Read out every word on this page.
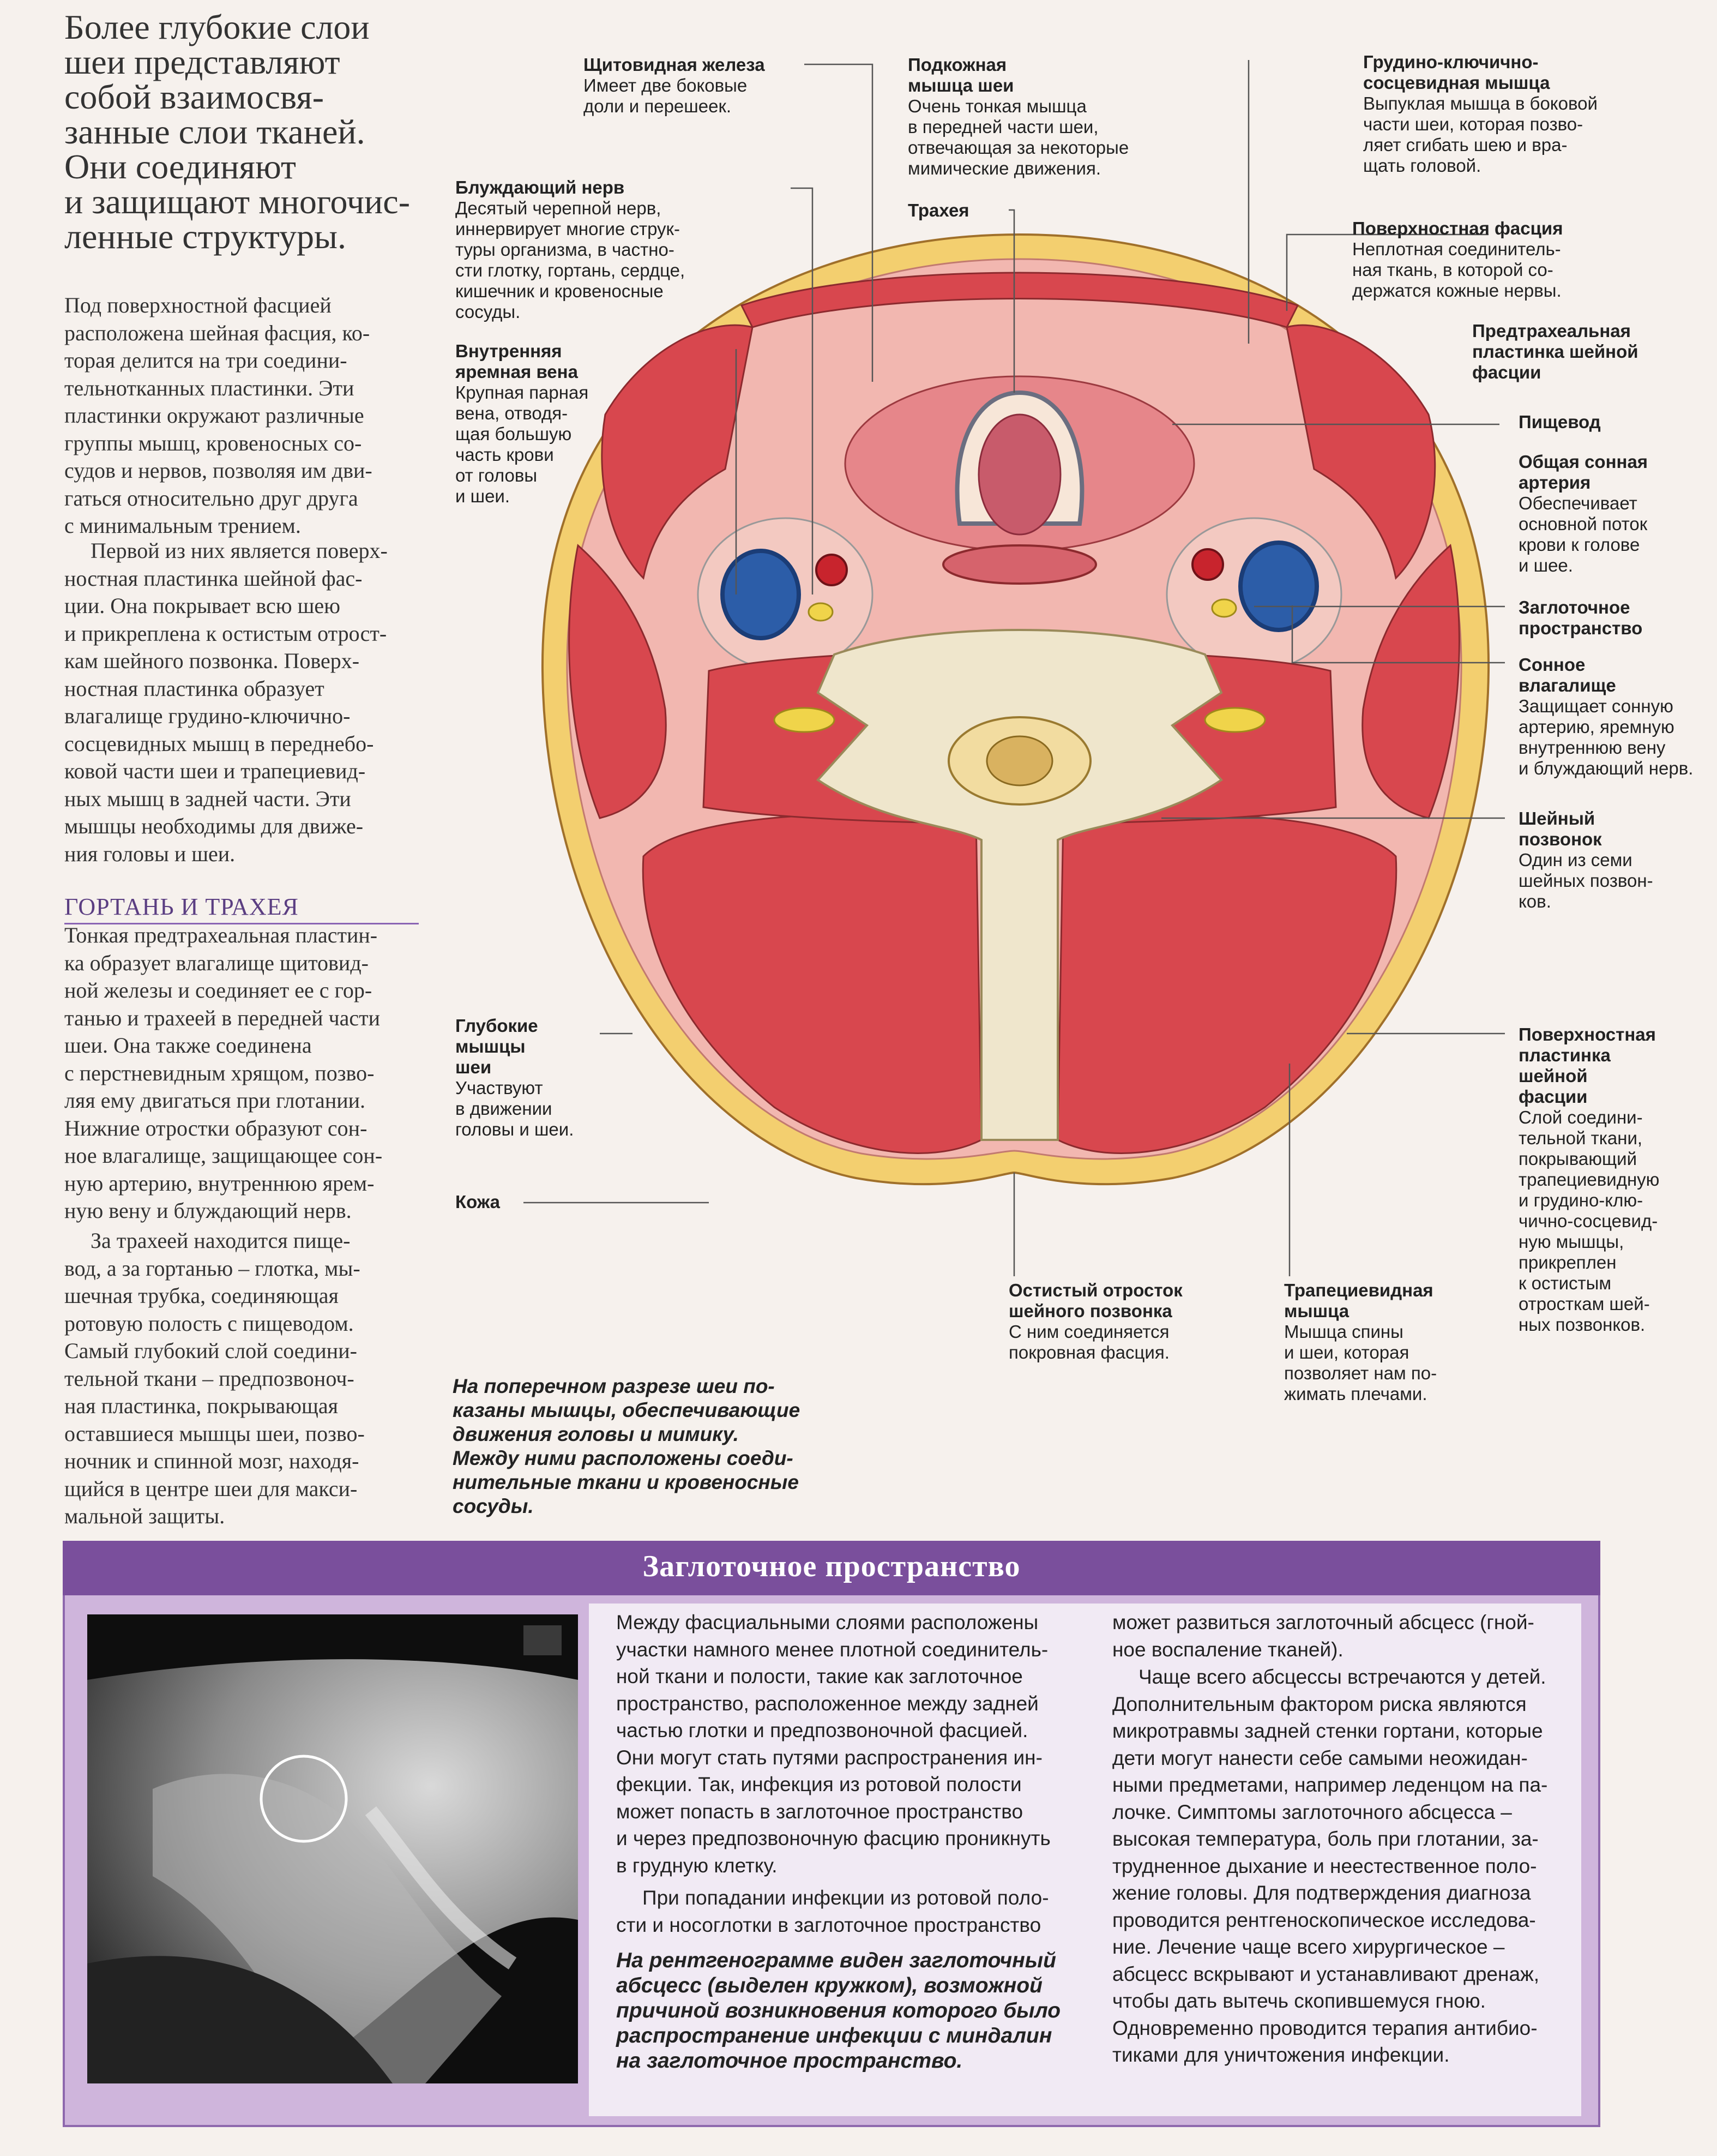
Более глубокие слои
шеи представляют
собой взаимосвя-
занные слои тканей.
Они соединяют
и защищают многочис-
ленные структуры.
Под поверхностной фасцией
расположена шейная фасция, ко-
торая делится на три соедини-
тельнотканных пластинки. Эти
пластинки окружают различные
группы мышц, кровеносных со-
судов и нервов, позволяя им дви-
гаться относительно друг друга
с минимальным трением.
Первой из них является поверх-
ностная пластинка шейной фас-
ции. Она покрывает всю шею
и прикреплена к остистым отрост-
кам шейного позвонка. Поверх-
ностная пластинка образует
влагалище грудино-ключично-
сосцевидных мышц в переднебо-
ковой части шеи и трапециевид-
ных мышц в задней части. Эти
мышцы необходимы для движе-
ния головы и шеи.
ГОРТАНЬ И ТРАХЕЯ
Тонкая предтрахеальная пластин-
ка образует влагалище щитовид-
ной железы и соединяет ее с гор-
танью и трахеей в передней части
шеи. Она также соединена
с перстневидным хрящом, позво-
ляя ему двигаться при глотании.
Нижние отростки образуют сон-
ное влагалище, защищающее сон-
ную артерию, внутреннюю ярем-
ную вену и блуждающий нерв.
За трахеей находится пище-
вод, а за гортанью – глотка, мы-
шечная трубка, соединяющая
ротовую полость с пищеводом.
Самый глубокий слой соедини-
тельной ткани – предпозвоноч-
ная пластинка, покрывающая
оставшиеся мышцы шеи, позво-
ночник и спинной мозг, находя-
щийся в центре шеи для макси-
мальной защиты.
Щитовидная железа
Имеет две боковые
доли и перешеек.
Подкожная
мышца шеи
Очень тонкая мышца
в передней части шеи,
отвечающая за некоторые
мимические движения.
Трахея
Грудино-ключично-
сосцевидная мышца
Выпуклая мышца в боковой
части шеи, которая позво-
ляет сгибать шею и вра-
щать головой.
Поверхностная фасция
Неплотная соединитель-
ная ткань, в которой со-
держатся кожные нервы.
Предтрахеальная
пластинка шейной
фасции
Пищевод
Общая сонная
артерия
Обеспечивает
основной поток
крови к голове
и шее.
Заглоточное
пространство
Сонное
влагалище
Защищает сонную
артерию, яремную
внутреннюю вену
и блуждающий нерв.
Шейный
позвонок
Один из семи
шейных позвон-
ков.
Поверхностная
пластинка
шейной
фасции
Слой соедини-
тельной ткани,
покрывающий
трапециевидную
и грудино-клю-
чично-сосцевид-
ную мышцы,
прикреплен
к остистым
отросткам шей-
ных позвонков.
Блуждающий нерв
Десятый черепной нерв,
иннервирует многие струк-
туры организма, в частно-
сти глотку, гортань, сердце,
кишечник и кровеносные
сосуды.
Внутренняя
яремная вена
Крупная парная
вена, отводя-
щая большую
часть крови
от головы
и шеи.
Глубокие
мышцы
шеи
Участвуют
в движении
головы и шеи.
Кожа
Остистый отросток
шейного позвонка
С ним соединяется
покровная фасция.
Трапециевидная
мышца
Мышца спины
и шеи, которая
позволяет нам по-
жимать плечами.
На поперечном разрезе шеи по-
казаны мышцы, обеспечивающие
движения головы и мимику.
Между ними расположены соеди-
нительные ткани и кровеносные
сосуды.
Заглоточное пространство
Между фасциальными слоями расположены
участки намного менее плотной соединитель-
ной ткани и полости, такие как заглоточное
пространство, расположенное между задней
частью глотки и предпозвоночной фасцией.
Они могут стать путями распространения ин-
фекции. Так, инфекция из ротовой полости
может попасть в заглоточное пространство
и через предпозвоночную фасцию проникнуть
в грудную клетку.
При попадании инфекции из ротовой поло-
сти и носоглотки в заглоточное пространство
На рентгенограмме виден заглоточный
абсцесс (выделен кружком), возможной
причиной возникновения которого было
распространение инфекции с миндалин
на заглоточное пространство.
может развиться заглоточный абсцесс (гной-
ное воспаление тканей).
Чаще всего абсцессы встречаются у детей.
Дополнительным фактором риска являются
микротравмы задней стенки гортани, которые
дети могут нанести себе самыми неожидан-
ными предметами, например леденцом на па-
лочке. Симптомы заглоточного абсцесса –
высокая температура, боль при глотании, за-
трудненное дыхание и неестественное поло-
жение головы. Для подтверждения диагноза
проводится рентгеноскопическое исследова-
ние. Лечение чаще всего хирургическое –
абсцесс вскрывают и устанавливают дренаж,
чтобы дать вытечь скопившемуся гною.
Одновременно проводится терапия антибио-
тиками для уничтожения инфекции.
